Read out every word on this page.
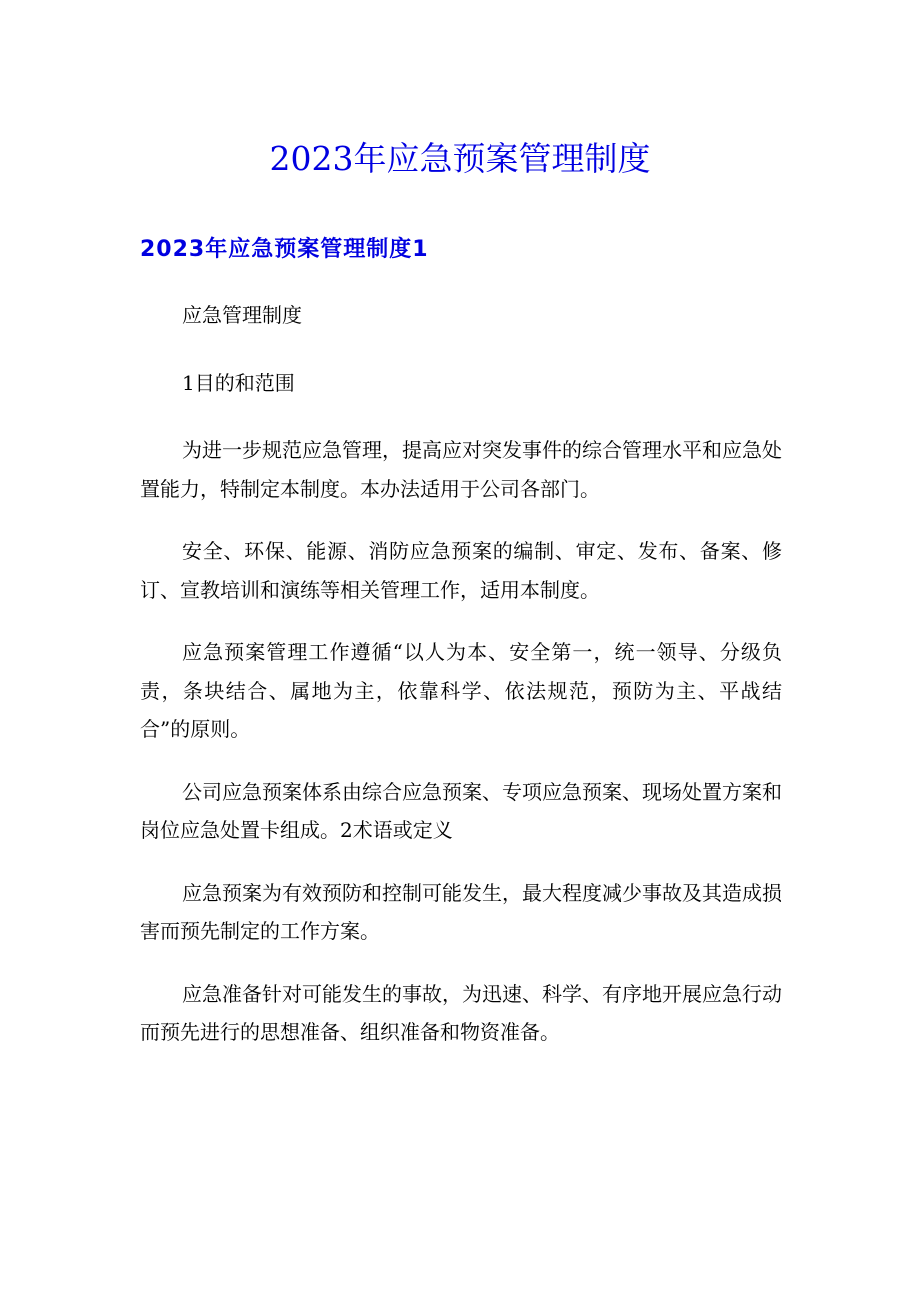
2023年应急预案管理制度
2023年应急预案管理制度1

应急管理制度

1目的和范围

为进一步规范应急管理，提高应对突发事件的综合管理水平和应急处置能力，特制定本制度。本办法适用于公司各部门。

安全、环保、能源、消防应急预案的编制、审定、发布、备案、修订、宣教培训和演练等相关管理工作，适用本制度。

应急预案管理工作遵循“以人为本、安全第一，统一领导、分级负责，条块结合、属地为主，依靠科学、依法规范，预防为主、平战结合”的原则。

公司应急预案体系由综合应急预案、专项应急预案、现场处置方案和岗位应急处置卡组成。2术语或定义

应急预案为有效预防和控制可能发生，最大程度减少事故及其造成损害而预先制定的工作方案。

应急准备针对可能发生的事故，为迅速、科学、有序地开展应急行动而预先进行的思想准备、组织准备和物资准备。
